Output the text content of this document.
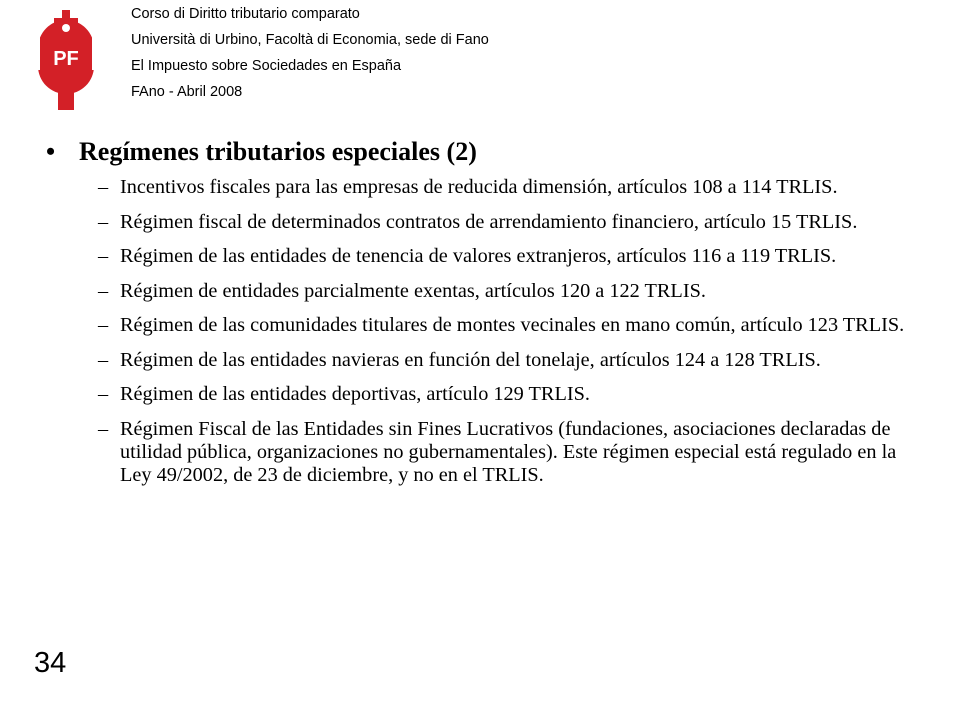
PF
Corso di Diritto tributario comparato
Università di Urbino, Facoltà di Economia, sede di Fano
El Impuesto sobre Sociedades en España
FAno - Abril 2008
• Regímenes tributarios especiales (2)
– Incentivos fiscales para las empresas de reducida dimensión, artículos 108 a 114 TRLIS.
– Régimen fiscal de determinados contratos de arrendamiento financiero, artículo 15 TRLIS.
– Régimen de las entidades de tenencia de valores extranjeros, artículos 116 a 119 TRLIS.
– Régimen de entidades parcialmente exentas, artículos 120 a 122 TRLIS.
– Régimen de las comunidades titulares de montes vecinales en mano común, artículo 123 TRLIS.
– Régimen de las entidades navieras en función del tonelaje, artículos 124 a 128 TRLIS.
– Régimen de las entidades deportivas, artículo 129 TRLIS.
– Régimen Fiscal de las Entidades sin Fines Lucrativos (fundaciones, asociaciones declaradas de utilidad pública, organizaciones no gubernamentales). Este régimen especial está regulado en la Ley 49/2002, de 23 de diciembre, y no en el TRLIS.
34
